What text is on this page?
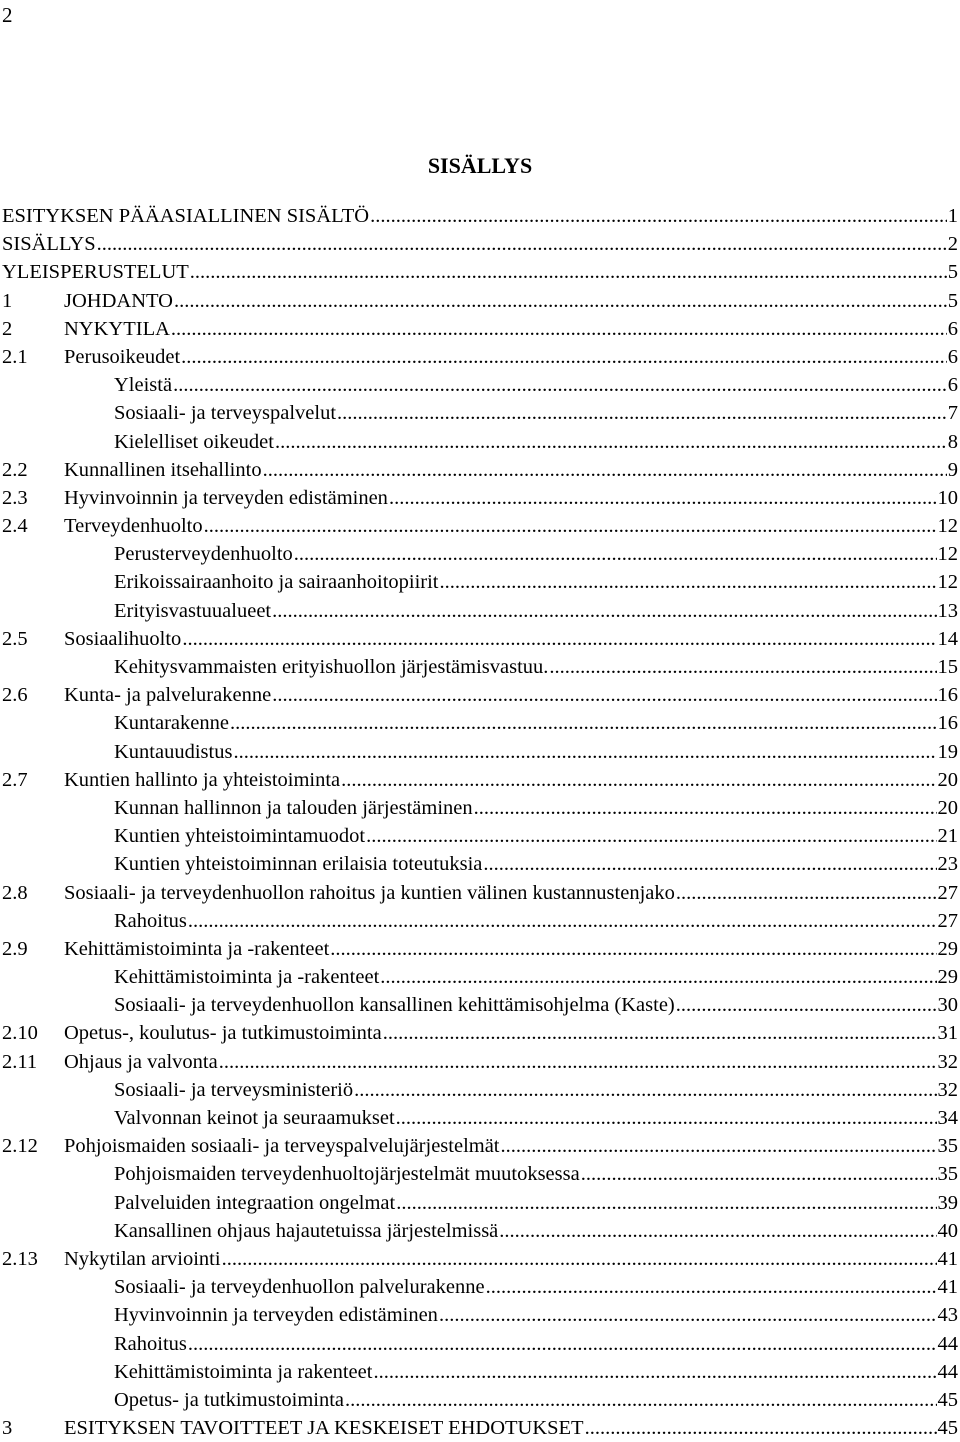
2
SISÄLLYS
ESITYKSEN PÄÄASIALLINEN SISÄLTÖ .....	1
SISÄLLYS .....	2
YLEISPERUSTELUT .....	5
1	JOHDANTO .....	5
2	NYKYTILA .....	6
2.1	Perusoikeudet .....	6
Yleistä .....	6
Sosiaali- ja terveyspalvelut .....	7
Kielelliset oikeudet .....	8
2.2	Kunnallinen itsehallinto .....	9
2.3	Hyvinvoinnin ja terveyden edistäminen .....	10
2.4	Terveydenhuolto .....	12
Perusterveydenhuolto .....	12
Erikoissairaanhoito ja sairaanhoitopiirit .....	12
Erityisvastuualueet .....	13
2.5	Sosiaalihuolto .....	14
Kehitysvammaisten erityishuollon järjestämisvastuu. .....	15
2.6	Kunta- ja palvelurakenne .....	16
Kuntarakenne .....	16
Kuntauudistus .....	19
2.7	Kuntien hallinto ja yhteistoiminta .....	20
Kunnan hallinnon ja talouden järjestäminen .....	20
Kuntien yhteistoimintamuodot .....	21
Kuntien yhteistoiminnan erilaisia toteutuksia .....	23
2.8	Sosiaali- ja terveydenhuollon rahoitus ja kuntien välinen kustannustenjako .....	27
Rahoitus .....	27
2.9	Kehittämistoiminta ja -rakenteet .....	29
Kehittämistoiminta ja -rakenteet .....	29
Sosiaali- ja terveydenhuollon kansallinen kehittämisohjelma (Kaste) .....	30
2.10	Opetus-, koulutus- ja tutkimustoiminta .....	31
2.11	Ohjaus ja valvonta .....	32
Sosiaali- ja terveysministeriö .....	32
Valvonnan keinot ja seuraamukset .....	34
2.12	Pohjoismaiden sosiaali- ja terveyspalvelujärjestelmät .....	35
Pohjoismaiden terveydenhuoltojärjestelmät muutoksessa .....	35
Palveluiden integraation ongelmat .....	39
Kansallinen ohjaus hajautetuissa järjestelmissä .....	40
2.13	Nykytilan arviointi .....	41
Sosiaali- ja terveydenhuollon palvelurakenne .....	41
Hyvinvoinnin ja terveyden edistäminen .....	43
Rahoitus .....	44
Kehittämistoiminta ja rakenteet .....	44
Opetus- ja tutkimustoiminta .....	45
3	ESITYKSEN TAVOITTEET JA KESKEISET EHDOTUKSET .....	45
